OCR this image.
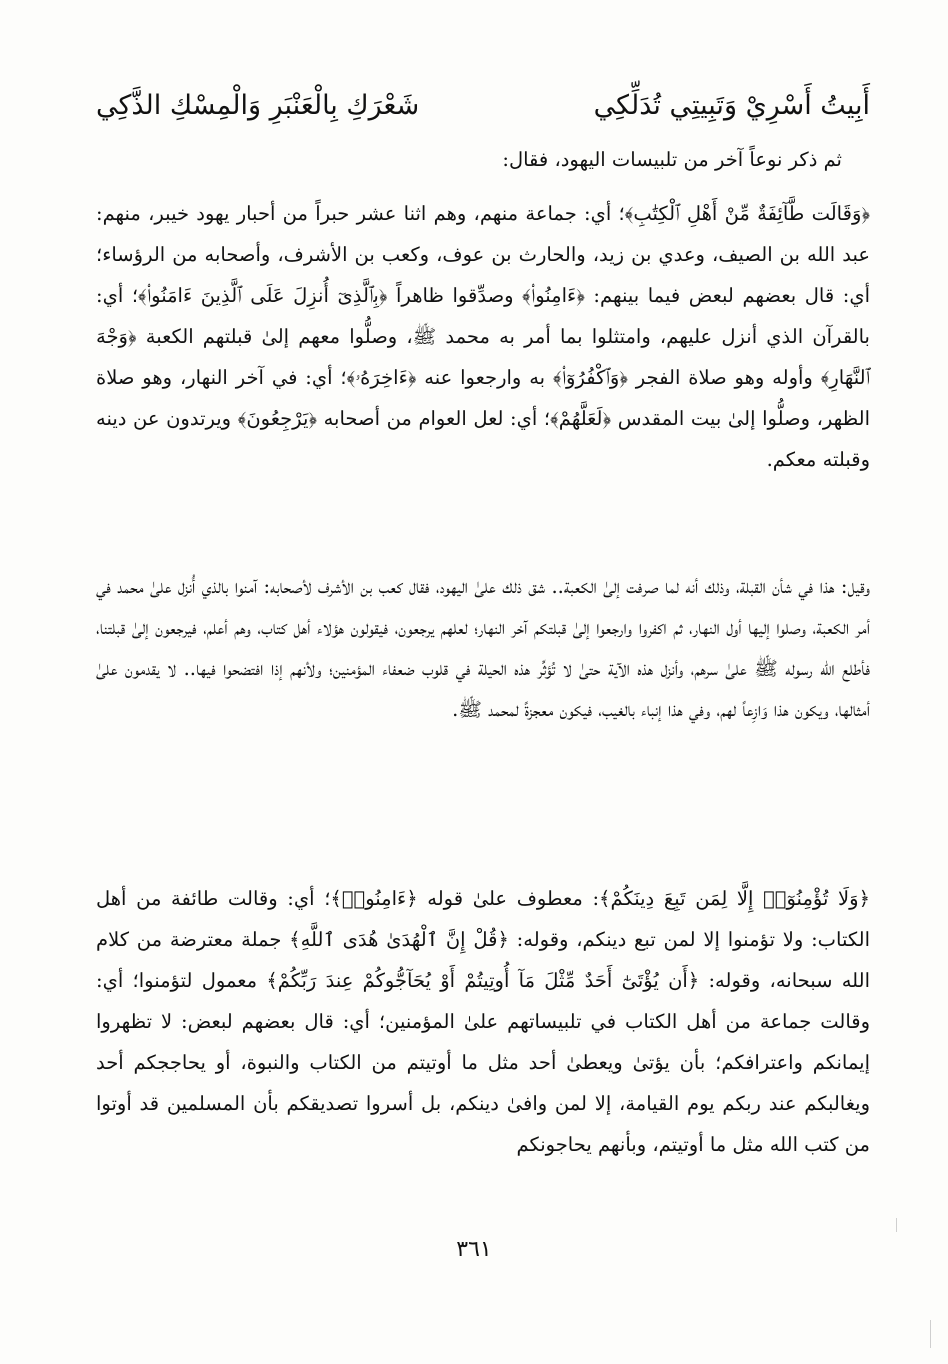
أَبِيتُ أَسْرِيْ وَتَبِيتِي تُدَلِّكِي
شَعْرَكِ بِالْعَنْبَرِ وَالْمِسْكِ الذَّكِي
ثم ذكر نوعاً آخر من تلبيسات اليهود، فقال:

﴿وَقَالَت طَّآئِفَةٌ مِّنْ أَهْلِ ٱلْكِتَٰبِ﴾؛ أي: جماعة منهم، وهم اثنا عشر حبراً من أحبار يهود خيبر، منهم: عبد الله بن الصيف، وعدي بن زيد، والحارث بن عوف، وكعب بن الأشرف، وأصحابه من الرؤساء؛ أي: قال بعضهم لبعض فيما بينهم: ﴿ءَامِنُوا۟﴾ وصدِّقوا ظاهراً ﴿بِٱلَّذِىٓ أُنزِلَ عَلَى ٱلَّذِينَ ءَامَنُوا۟﴾؛ أي: بالقرآن الذي أنزل عليهم، وامتثلوا بما أمر به محمد ﷺ، وصلُّوا معهم إلىٰ قبلتهم الكعبة ﴿وَجْهَ ٱلنَّهَارِ﴾ وأوله وهو صلاة الفجر ﴿وَٱكْفُرُوٓا۟﴾ به وارجعوا عنه ﴿ءَاخِرَهُۥ﴾؛ أي: في آخر النهار، وهو صلاة الظهر، وصلُّوا إلىٰ بيت المقدس ﴿لَعَلَّهُمْ﴾؛ أي: لعل العوام من أصحابه ﴿يَرْجِعُونَ﴾ ويرتدون عن دينه وقبلته معكم.

وقيل: هذا في شأن القبلة، وذلك أنه لما صرفت إلىٰ الكعبة.. شق ذلك علىٰ اليهود، فقال كعب بن الأشرف لأصحابه: آمنوا بالذي أُنزل علىٰ محمد في أمر الكعبة، وصلوا إليها أول النهار، ثم اكفروا وارجعوا إلىٰ قبلتكم آخر النهار؛ لعلهم يرجعون، فيقولون هؤلاء أهل كتاب، وهم أعلم، فيرجعون إلىٰ قبلتنا، فأطلع الله رسوله ﷺ علىٰ سرهم، وأنزل هذه الآية حتىٰ لا تُؤثِّر هذه الحيلة في قلوب ضعفاء المؤمنين؛ ولأنهم إذا افتضحوا فيها.. لا يقدمون علىٰ أمثالها، ويكون هذا وَازِعاً لهم، وفي هذا إنباء بالغيب، فيكون معجزةً لمحمد ﷺ.

﴿وَلَا تُؤْمِنُوٓا۟ إِلَّا لِمَن تَبِعَ دِينَكُمْ﴾: معطوف علىٰ قوله ﴿ءَامِنُوا۟﴾؛ أي: وقالت طائفة من أهل الكتاب: ولا تؤمنوا إلا لمن تبع دينكم، وقوله: ﴿قُلْ إِنَّ ٱلْهُدَىٰ هُدَى ٱللَّهِ﴾ جملة معترضة من كلام الله سبحانه، وقوله: ﴿أَن يُؤْتَىٰٓ أَحَدٌ مِّثْلَ مَآ أُوتِيتُمْ أَوْ يُحَآجُّوكُمْ عِندَ رَبِّكُمْ﴾ معمول لتؤمنوا؛ أي: وقالت جماعة من أهل الكتاب في تلبيساتهم علىٰ المؤمنين؛ أي: قال بعضهم لبعض: لا تظهروا إيمانكم واعترافكم؛ بأن يؤتىٰ ويعطىٰ أحد مثل ما أوتيتم من الكتاب والنبوة، أو يحاججكم أحد ويغالبكم عند ربكم يوم القيامة، إلا لمن وافىٰ دينكم، بل أسروا تصديقكم بأن المسلمين قد أوتوا من كتب الله مثل ما أوتيتم، وبأنهم يحاجونكم

٣٦١
